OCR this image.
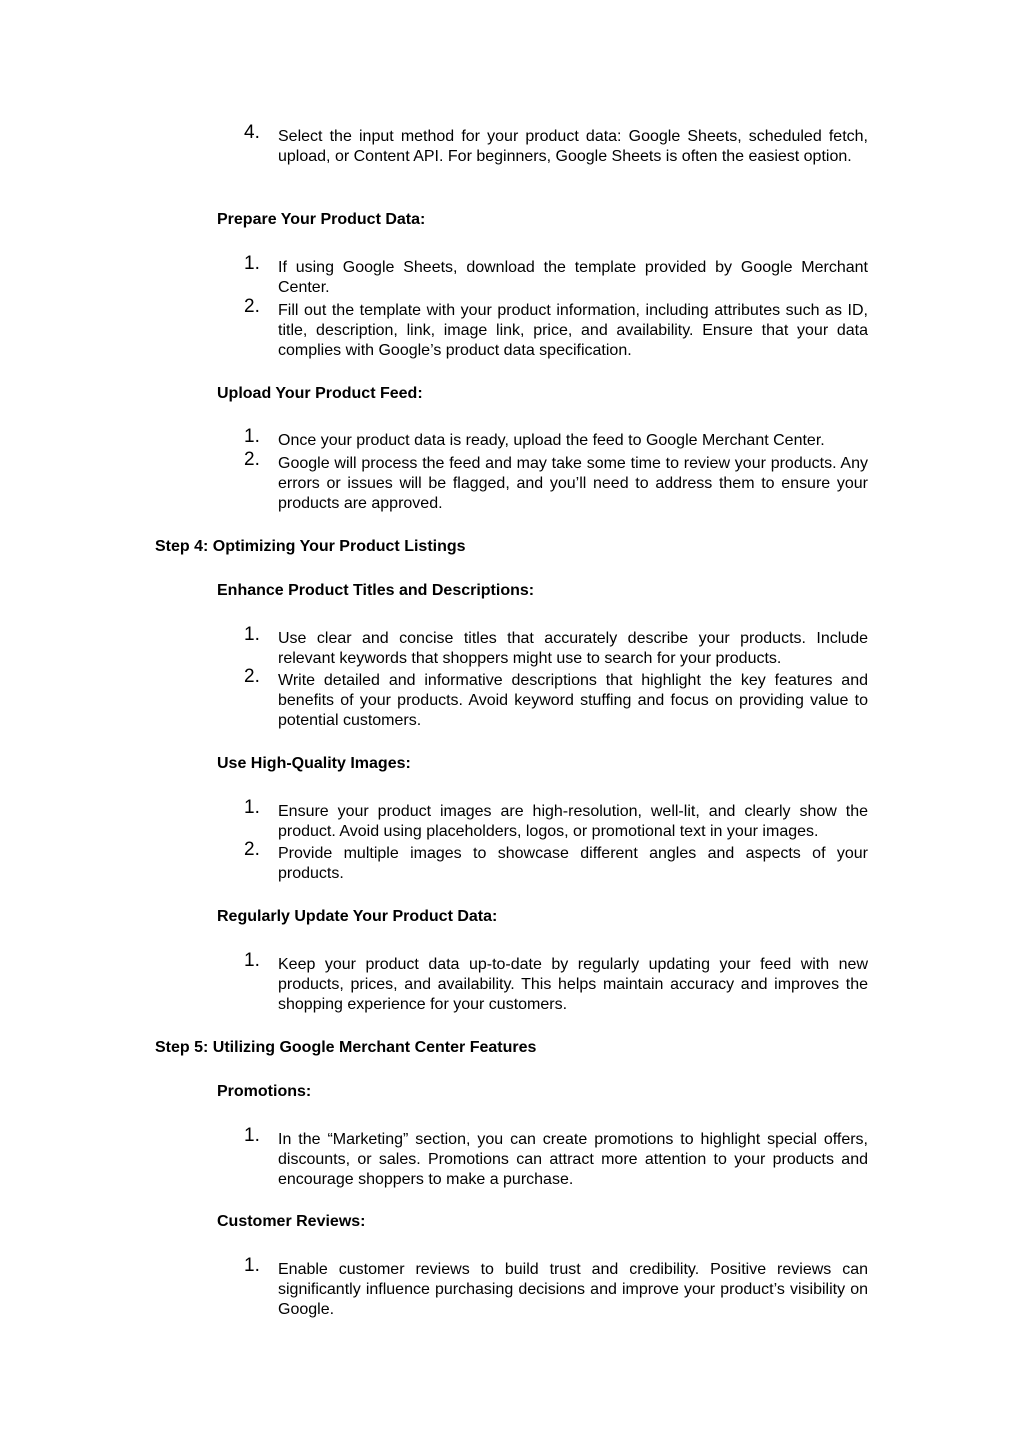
4.	Select the input method for your product data: Google Sheets, scheduled fetch, upload, or Content API. For beginners, Google Sheets is often the easiest option.
Prepare Your Product Data:
1.	If using Google Sheets, download the template provided by Google Merchant Center.
2.	Fill out the template with your product information, including attributes such as ID, title, description, link, image link, price, and availability. Ensure that your data complies with Google’s product data specification.
Upload Your Product Feed:
1.	Once your product data is ready, upload the feed to Google Merchant Center.
2.	Google will process the feed and may take some time to review your products. Any errors or issues will be flagged, and you’ll need to address them to ensure your products are approved.
Step 4: Optimizing Your Product Listings
Enhance Product Titles and Descriptions:
1.	Use clear and concise titles that accurately describe your products. Include relevant keywords that shoppers might use to search for your products.
2.	Write detailed and informative descriptions that highlight the key features and benefits of your products. Avoid keyword stuffing and focus on providing value to potential customers.
Use High-Quality Images:
1.	Ensure your product images are high-resolution, well-lit, and clearly show the product. Avoid using placeholders, logos, or promotional text in your images.
2.	Provide multiple images to showcase different angles and aspects of your products.
Regularly Update Your Product Data:
1.	Keep your product data up-to-date by regularly updating your feed with new products, prices, and availability. This helps maintain accuracy and improves the shopping experience for your customers.
Step 5: Utilizing Google Merchant Center Features
Promotions:
1.	In the “Marketing” section, you can create promotions to highlight special offers, discounts, or sales. Promotions can attract more attention to your products and encourage shoppers to make a purchase.
Customer Reviews:
1.	Enable customer reviews to build trust and credibility. Positive reviews can significantly influence purchasing decisions and improve your product’s visibility on Google.
